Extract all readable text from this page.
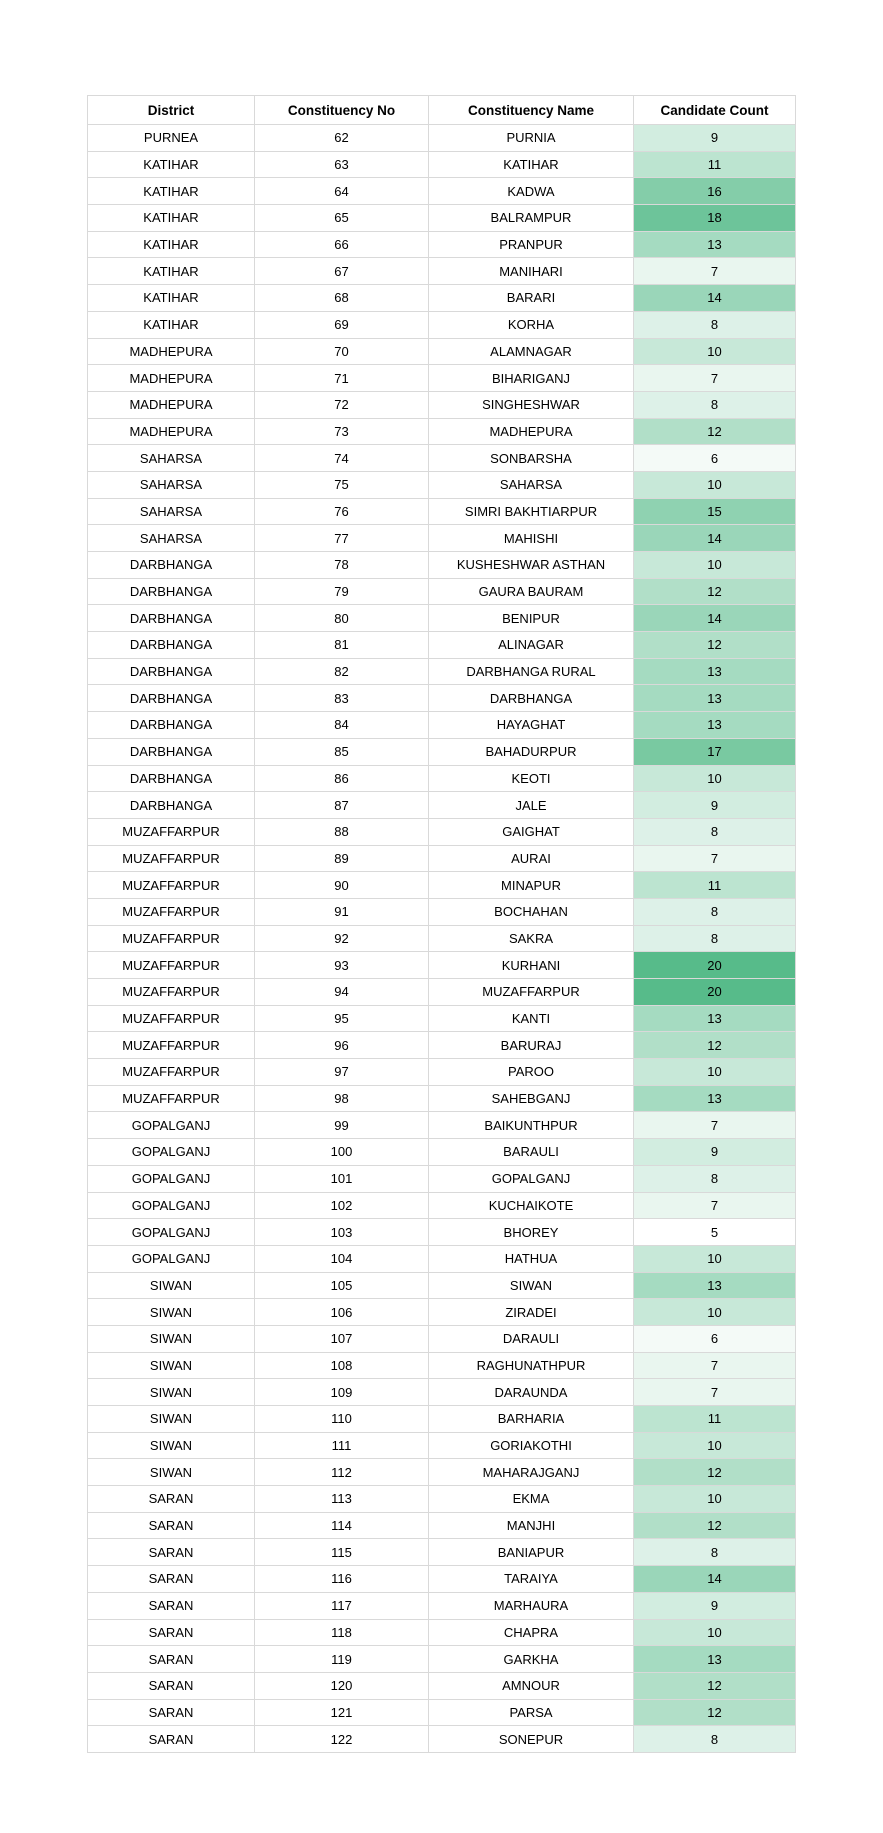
District	Constituency No	Constituency Name	Candidate Count
PURNEA	62	PURNIA	9
KATIHAR	63	KATIHAR	11
KATIHAR	64	KADWA	16
KATIHAR	65	BALRAMPUR	18
KATIHAR	66	PRANPUR	13
KATIHAR	67	MANIHARI	7
KATIHAR	68	BARARI	14
KATIHAR	69	KORHA	8
MADHEPURA	70	ALAMNAGAR	10
MADHEPURA	71	BIHARIGANJ	7
MADHEPURA	72	SINGHESHWAR	8
MADHEPURA	73	MADHEPURA	12
SAHARSA	74	SONBARSHA	6
SAHARSA	75	SAHARSA	10
SAHARSA	76	SIMRI BAKHTIARPUR	15
SAHARSA	77	MAHISHI	14
DARBHANGA	78	KUSHESHWAR ASTHAN	10
DARBHANGA	79	GAURA BAURAM	12
DARBHANGA	80	BENIPUR	14
DARBHANGA	81	ALINAGAR	12
DARBHANGA	82	DARBHANGA RURAL	13
DARBHANGA	83	DARBHANGA	13
DARBHANGA	84	HAYAGHAT	13
DARBHANGA	85	BAHADURPUR	17
DARBHANGA	86	KEOTI	10
DARBHANGA	87	JALE	9
MUZAFFARPUR	88	GAIGHAT	8
MUZAFFARPUR	89	AURAI	7
MUZAFFARPUR	90	MINAPUR	11
MUZAFFARPUR	91	BOCHAHAN	8
MUZAFFARPUR	92	SAKRA	8
MUZAFFARPUR	93	KURHANI	20
MUZAFFARPUR	94	MUZAFFARPUR	20
MUZAFFARPUR	95	KANTI	13
MUZAFFARPUR	96	BARURAJ	12
MUZAFFARPUR	97	PAROO	10
MUZAFFARPUR	98	SAHEBGANJ	13
GOPALGANJ	99	BAIKUNTHPUR	7
GOPALGANJ	100	BARAULI	9
GOPALGANJ	101	GOPALGANJ	8
GOPALGANJ	102	KUCHAIKOTE	7
GOPALGANJ	103	BHOREY	5
GOPALGANJ	104	HATHUA	10
SIWAN	105	SIWAN	13
SIWAN	106	ZIRADEI	10
SIWAN	107	DARAULI	6
SIWAN	108	RAGHUNATHPUR	7
SIWAN	109	DARAUNDA	7
SIWAN	110	BARHARIA	11
SIWAN	111	GORIAKOTHI	10
SIWAN	112	MAHARAJGANJ	12
SARAN	113	EKMA	10
SARAN	114	MANJHI	12
SARAN	115	BANIAPUR	8
SARAN	116	TARAIYA	14
SARAN	117	MARHAURA	9
SARAN	118	CHAPRA	10
SARAN	119	GARKHA	13
SARAN	120	AMNOUR	12
SARAN	121	PARSA	12
SARAN	122	SONEPUR	8
